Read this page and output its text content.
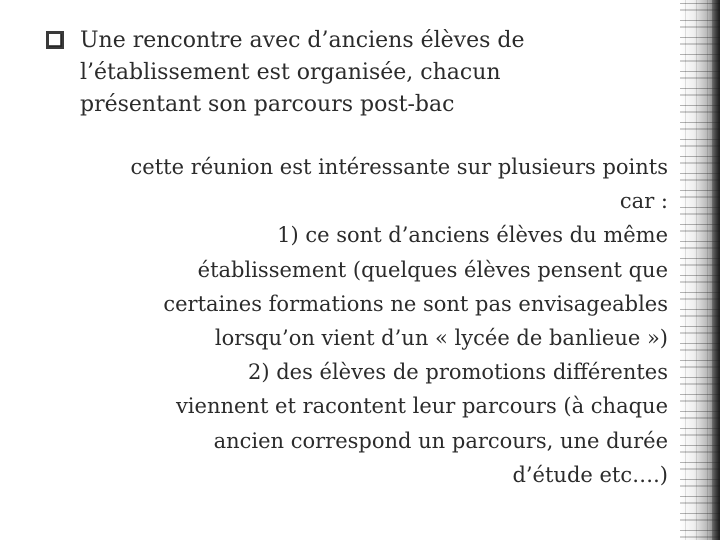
Une rencontre avec d’anciens élèves de
l’établissement est organisée, chacun
présentant son parcours post-bac
cette réunion est intéressante sur plusieurs points
car :
1) ce sont d’anciens élèves du même
établissement (quelques élèves pensent que
certaines formations ne sont pas envisageables
lorsqu’on vient d’un « lycée de banlieue »)
2) des élèves de promotions différentes
viennent et racontent leur parcours (à chaque
ancien correspond un parcours, une durée
d’étude etc….)
